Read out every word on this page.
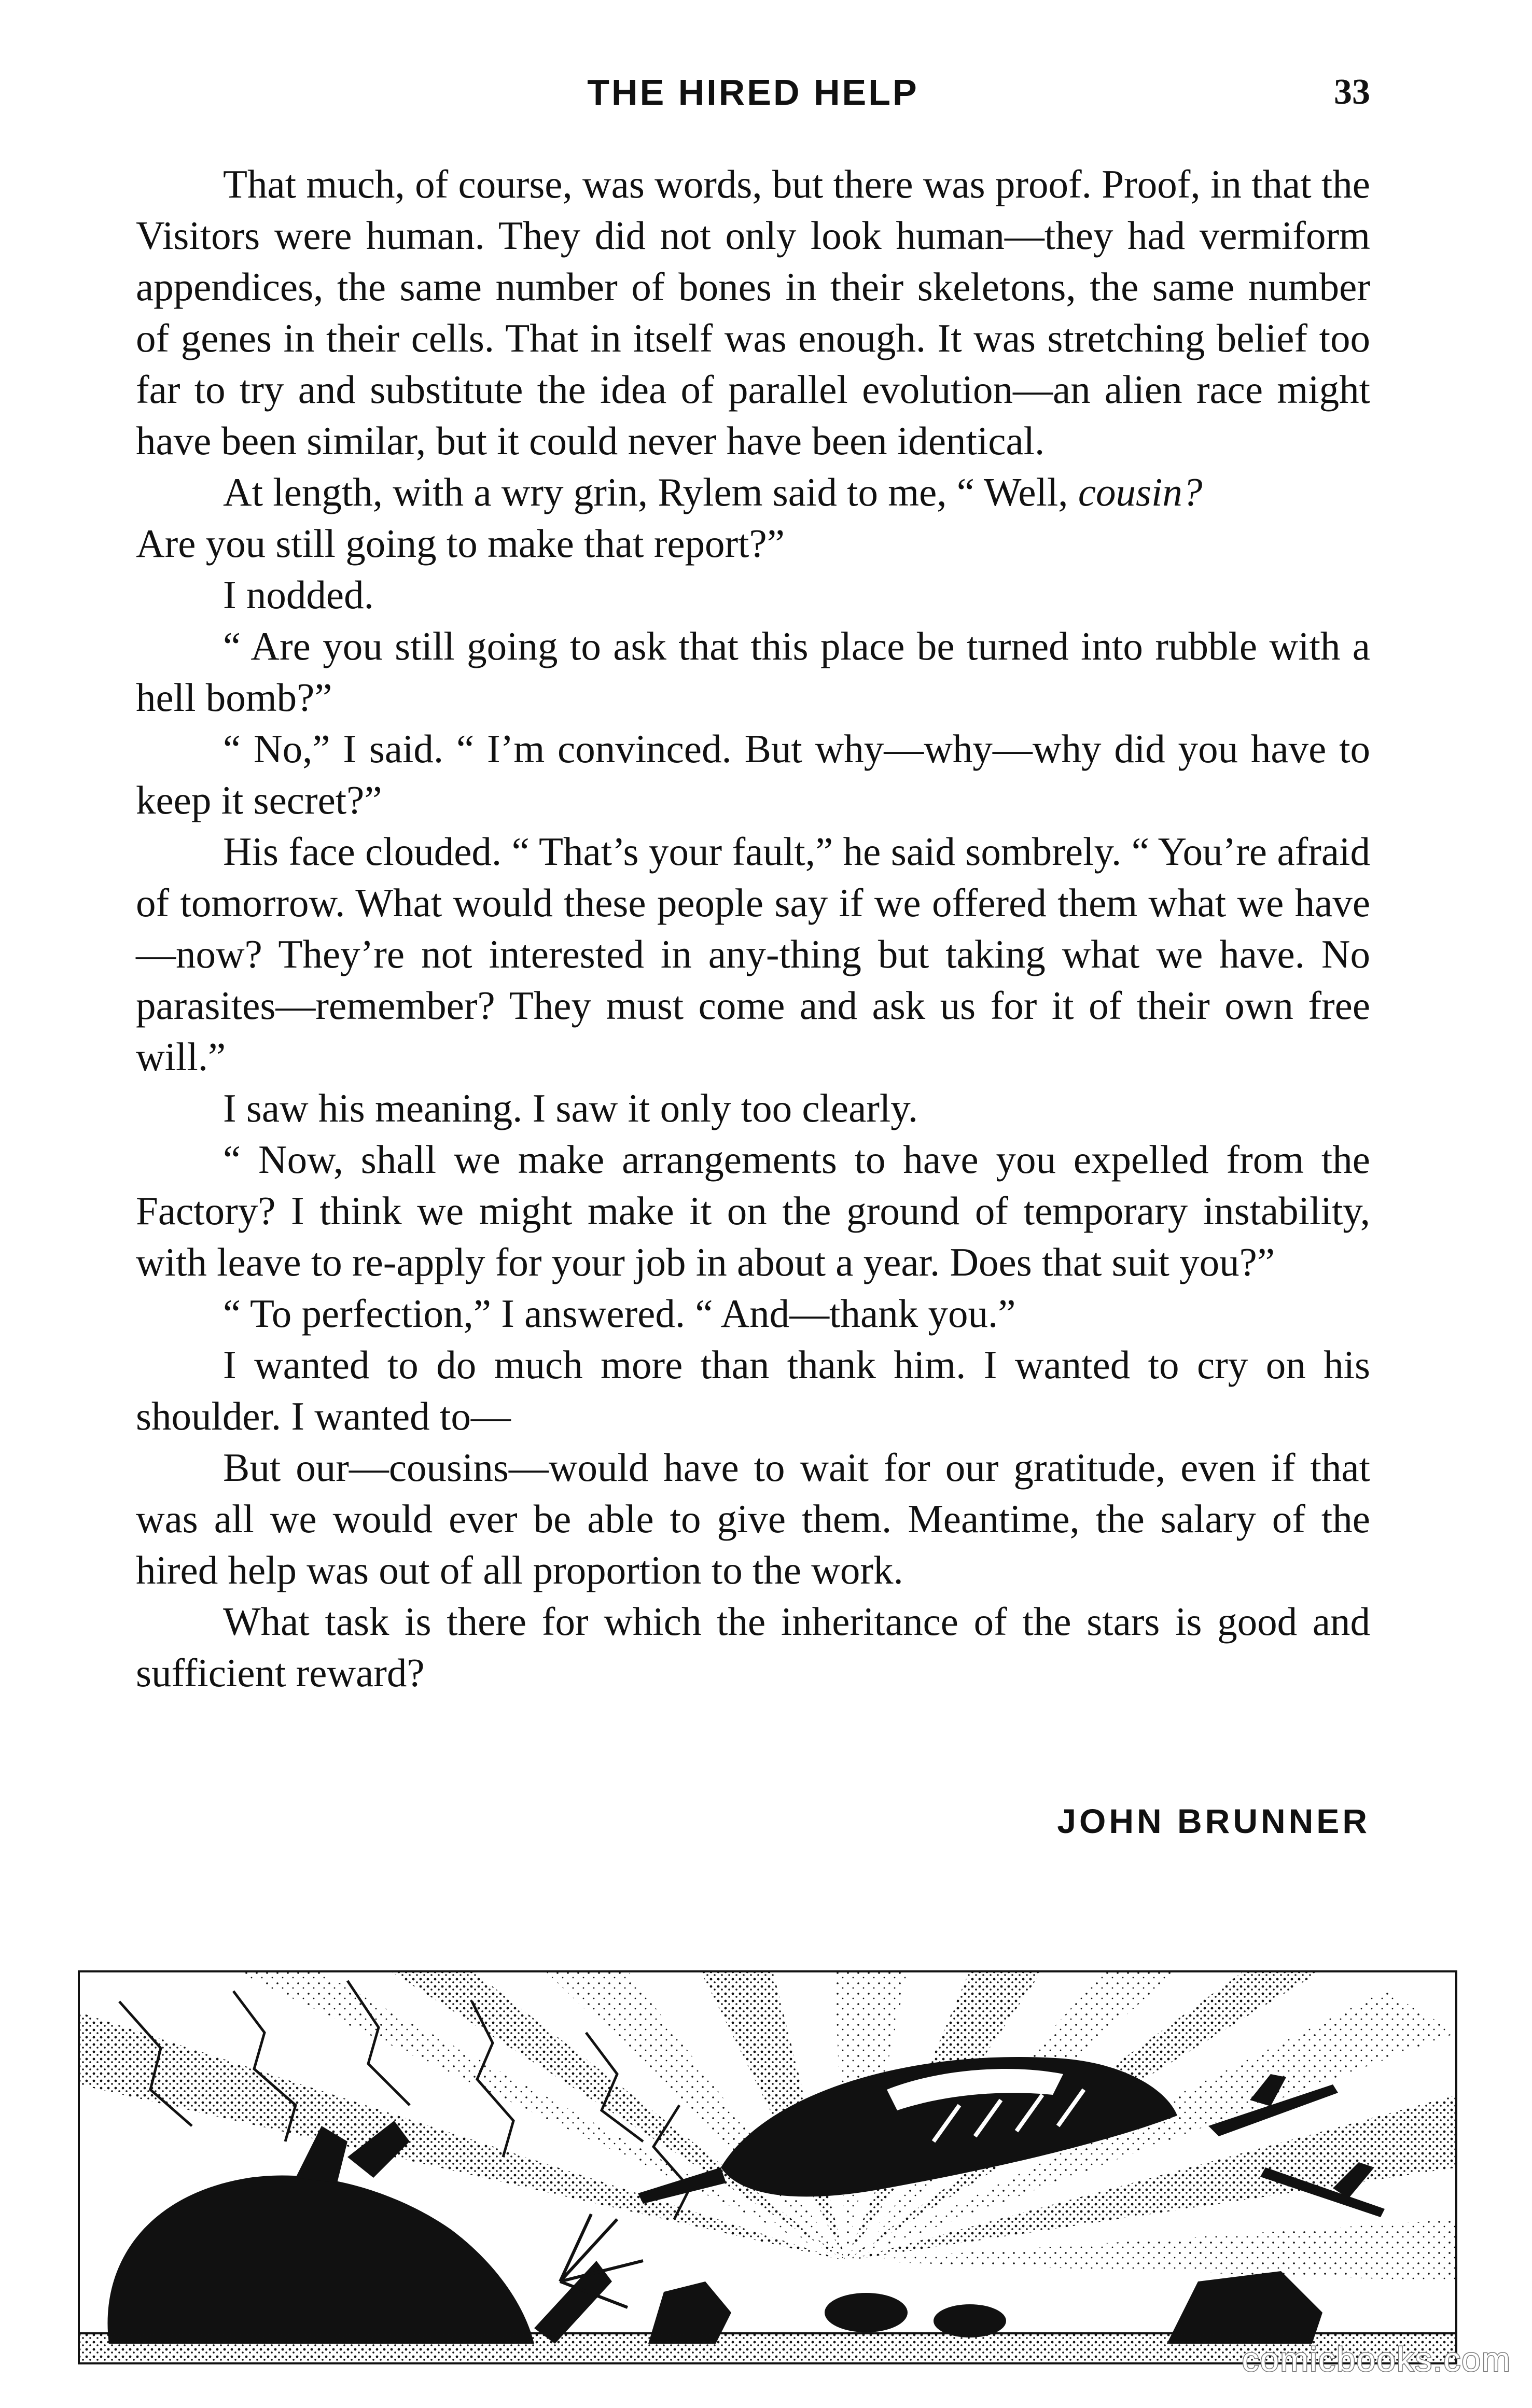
THE HIRED HELP	33

That much, of course, was words, but there was proof. Proof, in that the Visitors were human. They did not only look human—they had vermiform appendices, the same number of bones in their skeletons, the same number of genes in their cells. That in itself was enough. It was stretching belief too far to try and substitute the idea of parallel evolution—an alien race might have been similar, but it could never have been identical.

At length, with a wry grin, Rylem said to me, “ Well, cousin?

Are you still going to make that report?”

I nodded.

“ Are you still going to ask that this place be turned into rubble with a hell bomb?”

“ No,” I said. “ I’m convinced. But why—why—why did you have to keep it secret?”

His face clouded. “ That’s your fault,” he said sombrely. “ You’re afraid of tomorrow. What would these people say if we offered them what we have—now? They’re not interested in any-thing but taking what we have. No parasites—remember? They must come and ask us for it of their own free will.”

I saw his meaning. I saw it only too clearly.

“ Now, shall we make arrangements to have you expelled from the Factory? I think we might make it on the ground of temporary instability, with leave to re-apply for your job in about a year. Does that suit you?”

“ To perfection,” I answered. “ And—thank you.”

I wanted to do much more than thank him. I wanted to cry on his shoulder. I wanted to—

But our—cousins—would have to wait for our gratitude, even if that was all we would ever be able to give them. Meantime, the salary of the hired help was out of all proportion to the work.

What task is there for which the inheritance of the stars is good and sufficient reward?

JOHN BRUNNER
comicbooks.com
